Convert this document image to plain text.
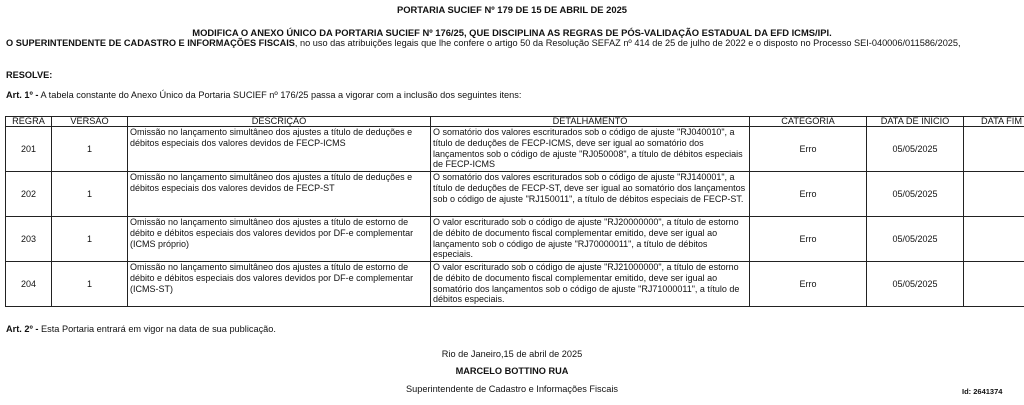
PORTARIA SUCIEF Nº 179 DE 15 DE ABRIL DE 2025
MODIFICA O ANEXO ÚNICO DA PORTARIA SUCIEF Nº 176/25, QUE DISCIPLINA AS REGRAS DE PÓS-VALIDAÇÃO ESTADUAL DA EFD ICMS/IPI.
O SUPERINTENDENTE DE CADASTRO E INFORMAÇÕES FISCAIS, no uso das atribuições legais que lhe confere o artigo 50 da Resolução SEFAZ nº 414 de 25 de julho de 2022 e o disposto no Processo SEI-040006/011586/2025,
RESOLVE:
Art. 1º - A tabela constante do Anexo Único da Portaria SUCIEF nº 176/25 passa a vigorar com a inclusão dos seguintes itens:
REGRA	VERSÃO	DESCRIÇÃO	DETALHAMENTO	CATEGORIA	DATA DE INÍCIO	DATA FIM
201	1	Omissão no lançamento simultâneo dos ajustes a título de deduções e débitos especiais dos valores devidos de FECP-ICMS	O somatório dos valores escriturados sob o código de ajuste "RJ040010", a título de deduções de FECP-ICMS, deve ser igual ao somatório dos lançamentos sob o código de ajuste "RJ050008", a título de débitos especiais de FECP-ICMS	Erro	05/05/2025	
202	1	Omissão no lançamento simultâneo dos ajustes a título de deduções e débitos especiais dos valores devidos de FECP-ST	O somatório dos valores escriturados sob o código de ajuste "RJ140001", a título de deduções de FECP-ST, deve ser igual ao somatório dos lançamentos sob o código de ajuste "RJ150011", a título de débitos especiais de FECP-ST.	Erro	05/05/2025	
203	1	Omissão no lançamento simultâneo dos ajustes a título de estorno de débito e débitos especiais dos valores devidos por DF-e complementar (ICMS próprio)	O valor escriturado sob o código de ajuste "RJ20000000", a título de estorno de débito de documento fiscal complementar emitido, deve ser igual ao lançamento sob o código de ajuste "RJ70000011", a título de débitos especiais.	Erro	05/05/2025	
204	1	Omissão no lançamento simultâneo dos ajustes a título de estorno de débito e débitos especiais dos valores devidos por DF-e complementar (ICMS-ST)	O valor escriturado sob o código de ajuste "RJ21000000", a título de estorno de débito de documento fiscal complementar emitido, deve ser igual ao somatório dos lançamentos sob o código de ajuste "RJ71000011", a título de débitos especiais.	Erro	05/05/2025	
Art. 2º - Esta Portaria entrará em vigor na data de sua publicação.
Rio de Janeiro,15 de abril de 2025
MARCELO BOTTINO RUA
Superintendente de Cadastro e Informações Fiscais	Id: 2641374
